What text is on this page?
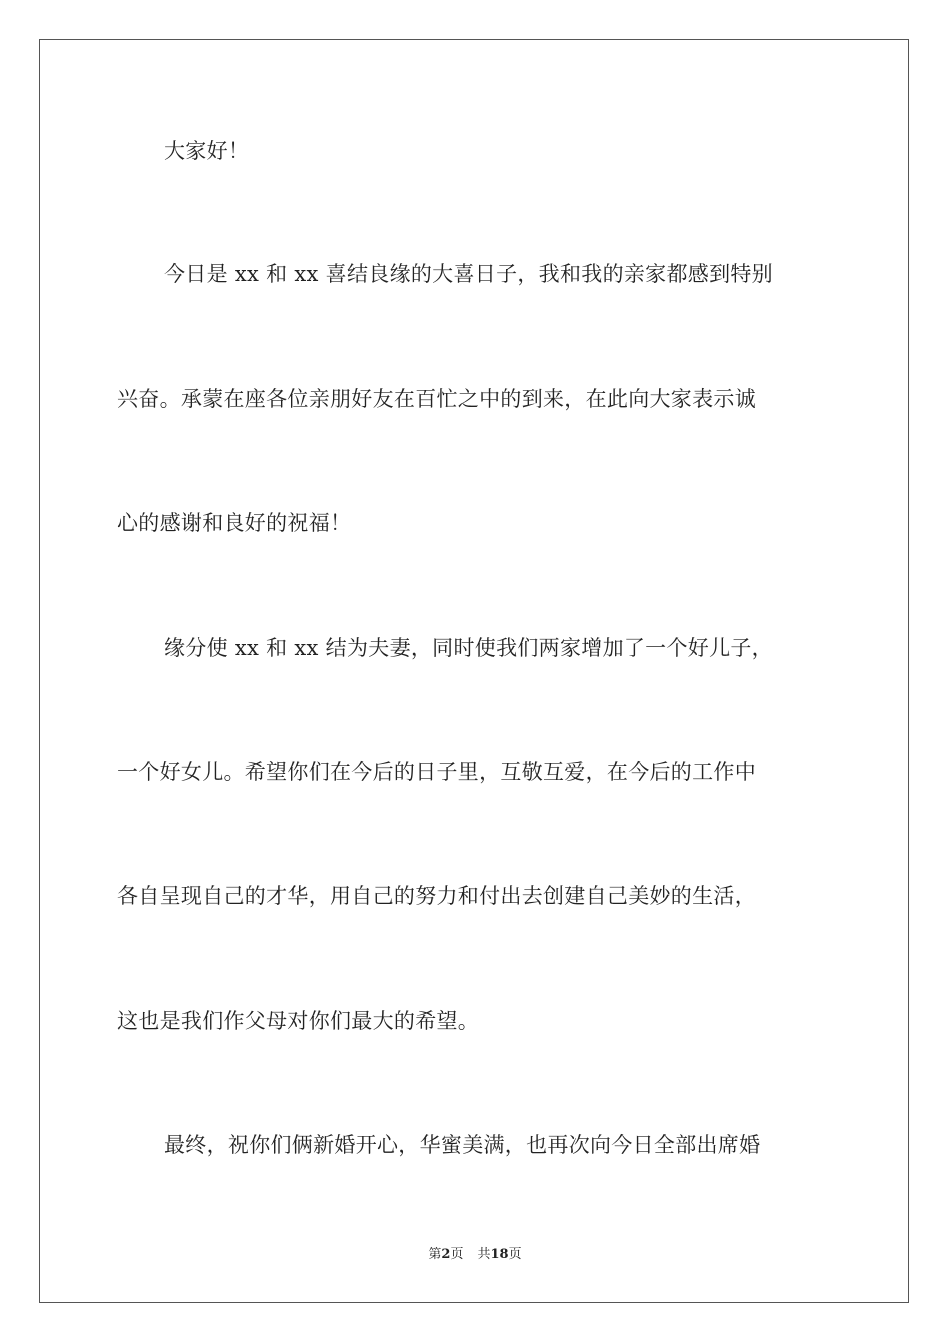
大家好！
今日是 xx 和 xx 喜结良缘的大喜日子，我和我的亲家都感到特别
兴奋。承蒙在座各位亲朋好友在百忙之中的到来，在此向大家表示诚
心的感谢和良好的祝福！
缘分使 xx 和 xx 结为夫妻，同时使我们两家增加了一个好儿子，
一个好女儿。希望你们在今后的日子里，互敬互爱，在今后的工作中
各自呈现自己的才华，用自己的努力和付出去创建自己美妙的生活，
这也是我们作父母对你们最大的希望。
最终，祝你们俩新婚开心，华蜜美满，也再次向今日全部出席婚
第2页 共18页
